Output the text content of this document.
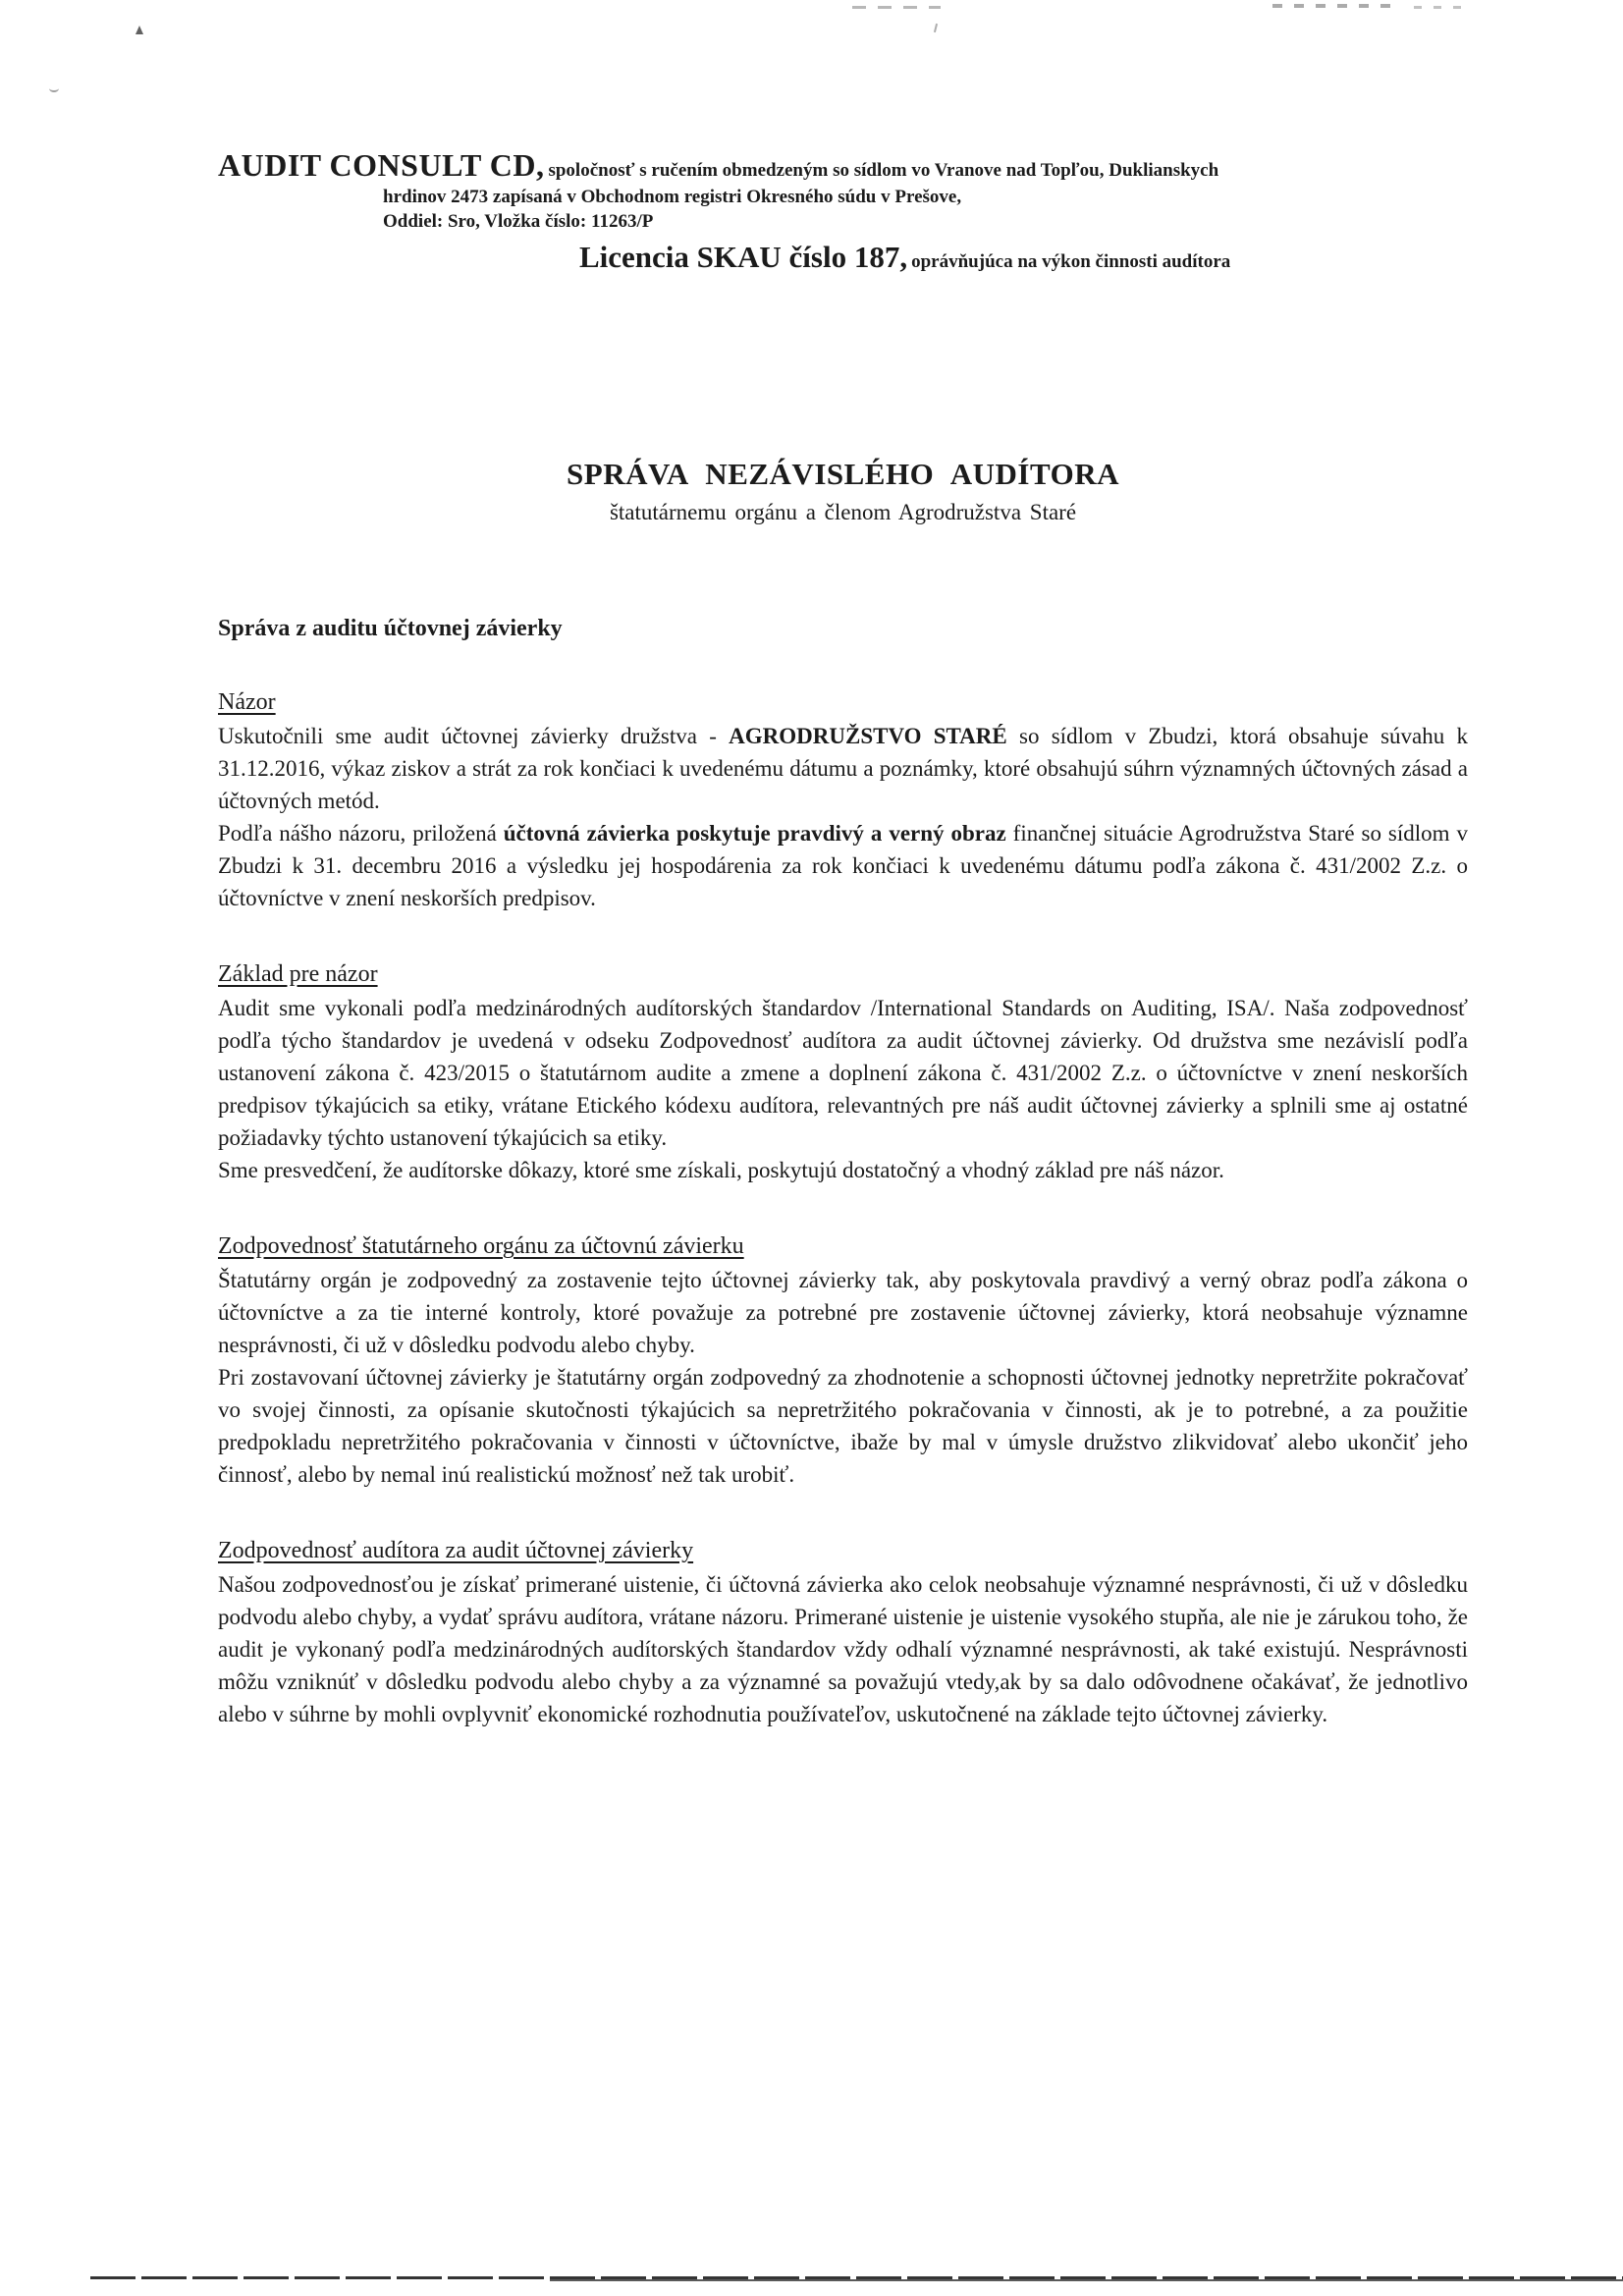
AUDIT CONSULT CD, spoločnosť s ručením obmedzeným so sídlom vo Vranove nad Topľou, Duklianskych
hrdinov 2473 zapísaná v Obchodnom registri Okresného súdu v Prešove,
Oddiel: Sro, Vložka číslo: 11263/P
Licencia SKAU číslo 187, oprávňujúca na výkon činnosti audítora
SPRÁVA NEZÁVISLÉHO AUDÍTORA
štatutárnemu orgánu a členom Agrodružstva Staré
Správa z auditu účtovnej závierky
Názor

Uskutočnili sme audit účtovnej závierky družstva - AGRODRUŽSTVO STARÉ so sídlom v Zbudzi, ktorá obsahuje súvahu k 31.12.2016, výkaz ziskov a strát za rok končiaci k uvedenému dátumu a poznámky, ktoré obsahujú súhrn významných účtovných zásad a účtovných metód.

Podľa nášho názoru, priložená účtovná závierka poskytuje pravdivý a verný obraz finančnej situácie Agrodružstva Staré so sídlom v Zbudzi k 31. decembru 2016 a výsledku jej hospodárenia za rok končiaci k uvedenému dátumu podľa zákona č. 431/2002 Z.z. o účtovníctve v znení neskorších predpisov.

Základ pre názor

Audit sme vykonali podľa medzinárodných audítorských štandardov /International Standards on Auditing, ISA/. Naša zodpovednosť podľa týcho štandardov je uvedená v odseku Zodpovednosť audítora za audit účtovnej závierky. Od družstva sme nezávislí podľa ustanovení zákona č. 423/2015 o štatutárnom audite a zmene a doplnení zákona č. 431/2002 Z.z. o účtovníctve v znení neskorších predpisov týkajúcich sa etiky, vrátane Etického kódexu audítora, relevantných pre náš audit účtovnej závierky a splnili sme aj ostatné požiadavky týchto ustanovení týkajúcich sa etiky.

Sme presvedčení, že audítorske dôkazy, ktoré sme získali, poskytujú dostatočný a vhodný základ pre náš názor.

Zodpovednosť štatutárneho orgánu za účtovnú závierku

Štatutárny orgán je zodpovedný za zostavenie tejto účtovnej závierky tak, aby poskytovala pravdivý a verný obraz podľa zákona o účtovníctve a za tie interné kontroly, ktoré považuje za potrebné pre zostavenie účtovnej závierky, ktorá neobsahuje významne nesprávnosti, či už v dôsledku podvodu alebo chyby.

Pri zostavovaní účtovnej závierky je štatutárny orgán zodpovedný za zhodnotenie a schopnosti účtovnej jednotky nepretržite pokračovať vo svojej činnosti, za opísanie skutočnosti týkajúcich sa nepretržitého pokračovania v činnosti, ak je to potrebné, a za použitie predpokladu nepretržitého pokračovania v činnosti v účtovníctve, ibaže by mal v úmysle družstvo zlikvidovať alebo ukončiť jeho činnosť, alebo by nemal inú realistickú možnosť než tak urobiť.

Zodpovednosť audítora za audit účtovnej závierky

Našou zodpovednosťou je získať primerané uistenie, či účtovná závierka ako celok neobsahuje významné nesprávnosti, či už v dôsledku podvodu alebo chyby, a vydať správu audítora, vrátane názoru. Primerané uistenie je uistenie vysokého stupňa, ale nie je zárukou toho, že audit je vykonaný podľa medzinárodných audítorských štandardov vždy odhalí významné nesprávnosti, ak také existujú. Nesprávnosti môžu vzniknúť v dôsledku podvodu alebo chyby a za významné sa považujú vtedy,ak by sa dalo odôvodnene očakávať, že jednotlivo alebo v súhrne by mohli ovplyvniť ekonomické rozhodnutia používateľov, uskutočnené na základe tejto účtovnej závierky.
